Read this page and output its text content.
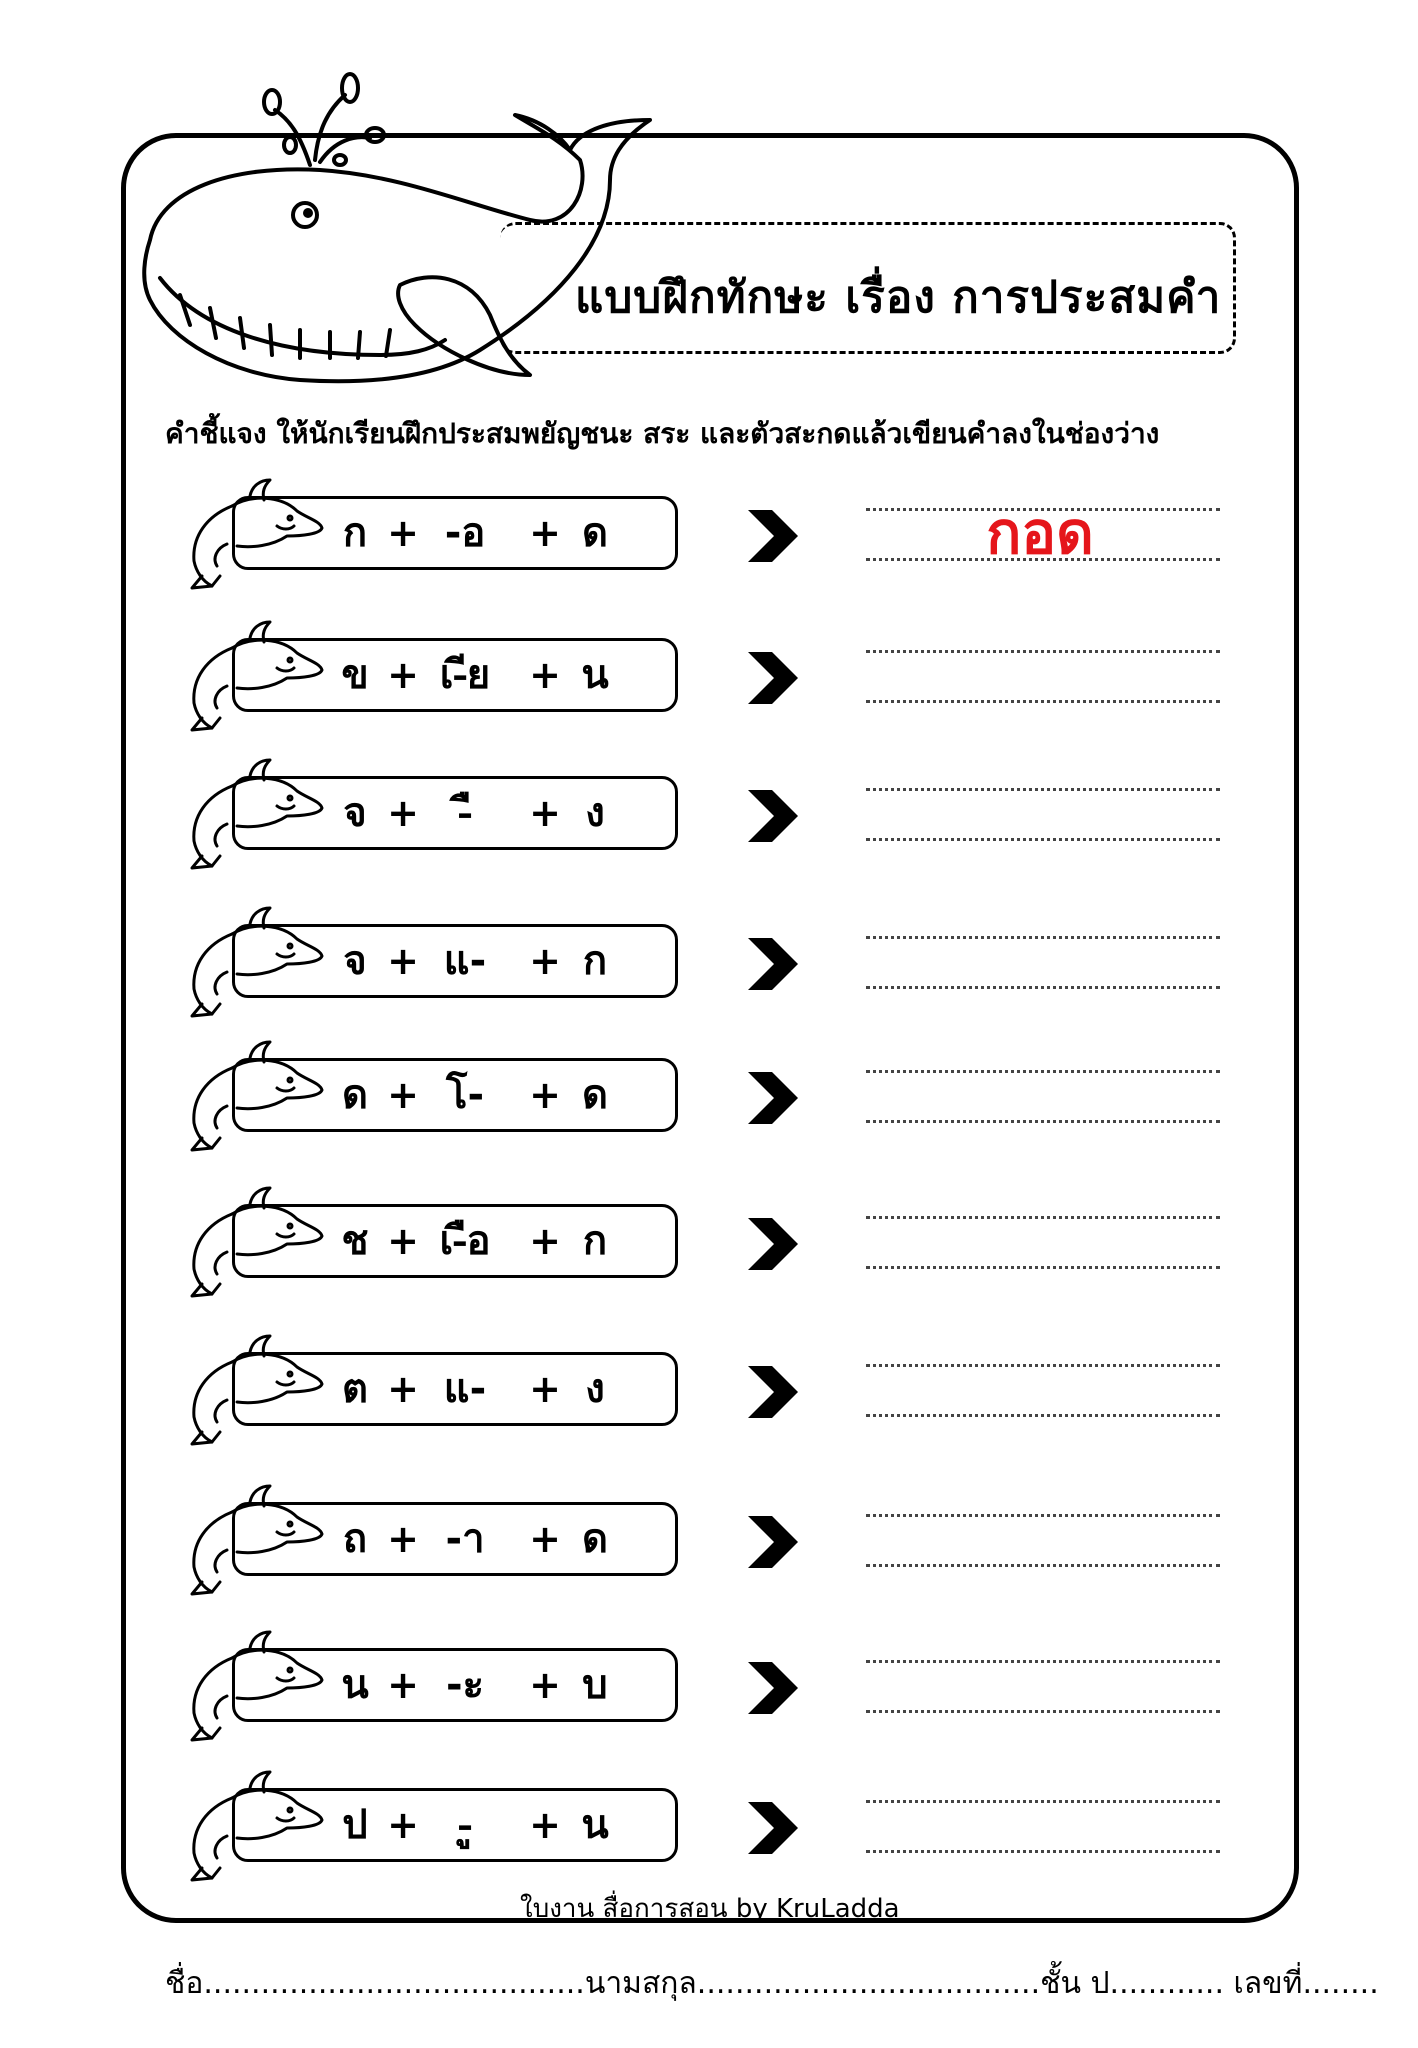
แบบฝึกทักษะ เรื่อง การประสมคำ
คำชี้แจง ให้นักเรียนฝึกประสมพยัญชนะ สระ และตัวสะกดแล้วเขียนคำลงในช่องว่าง
ก + -อ	+ ด	กอด
ข + เ-ีย	+ น
จ + -ื	+ ง
จ + แ-	+ ก
ด + โ-	+ ด
ช + เ-ือ	+ ก
ต + แ-	+ ง
ถ + -า	+ ด
น + -ะ	+ บ
ป + -ู	+ น
ใบงาน สื่อการสอน by KruLadda
ชื่อ........................................นามสกุล....................................ชั้น ป............ เลขที่........
